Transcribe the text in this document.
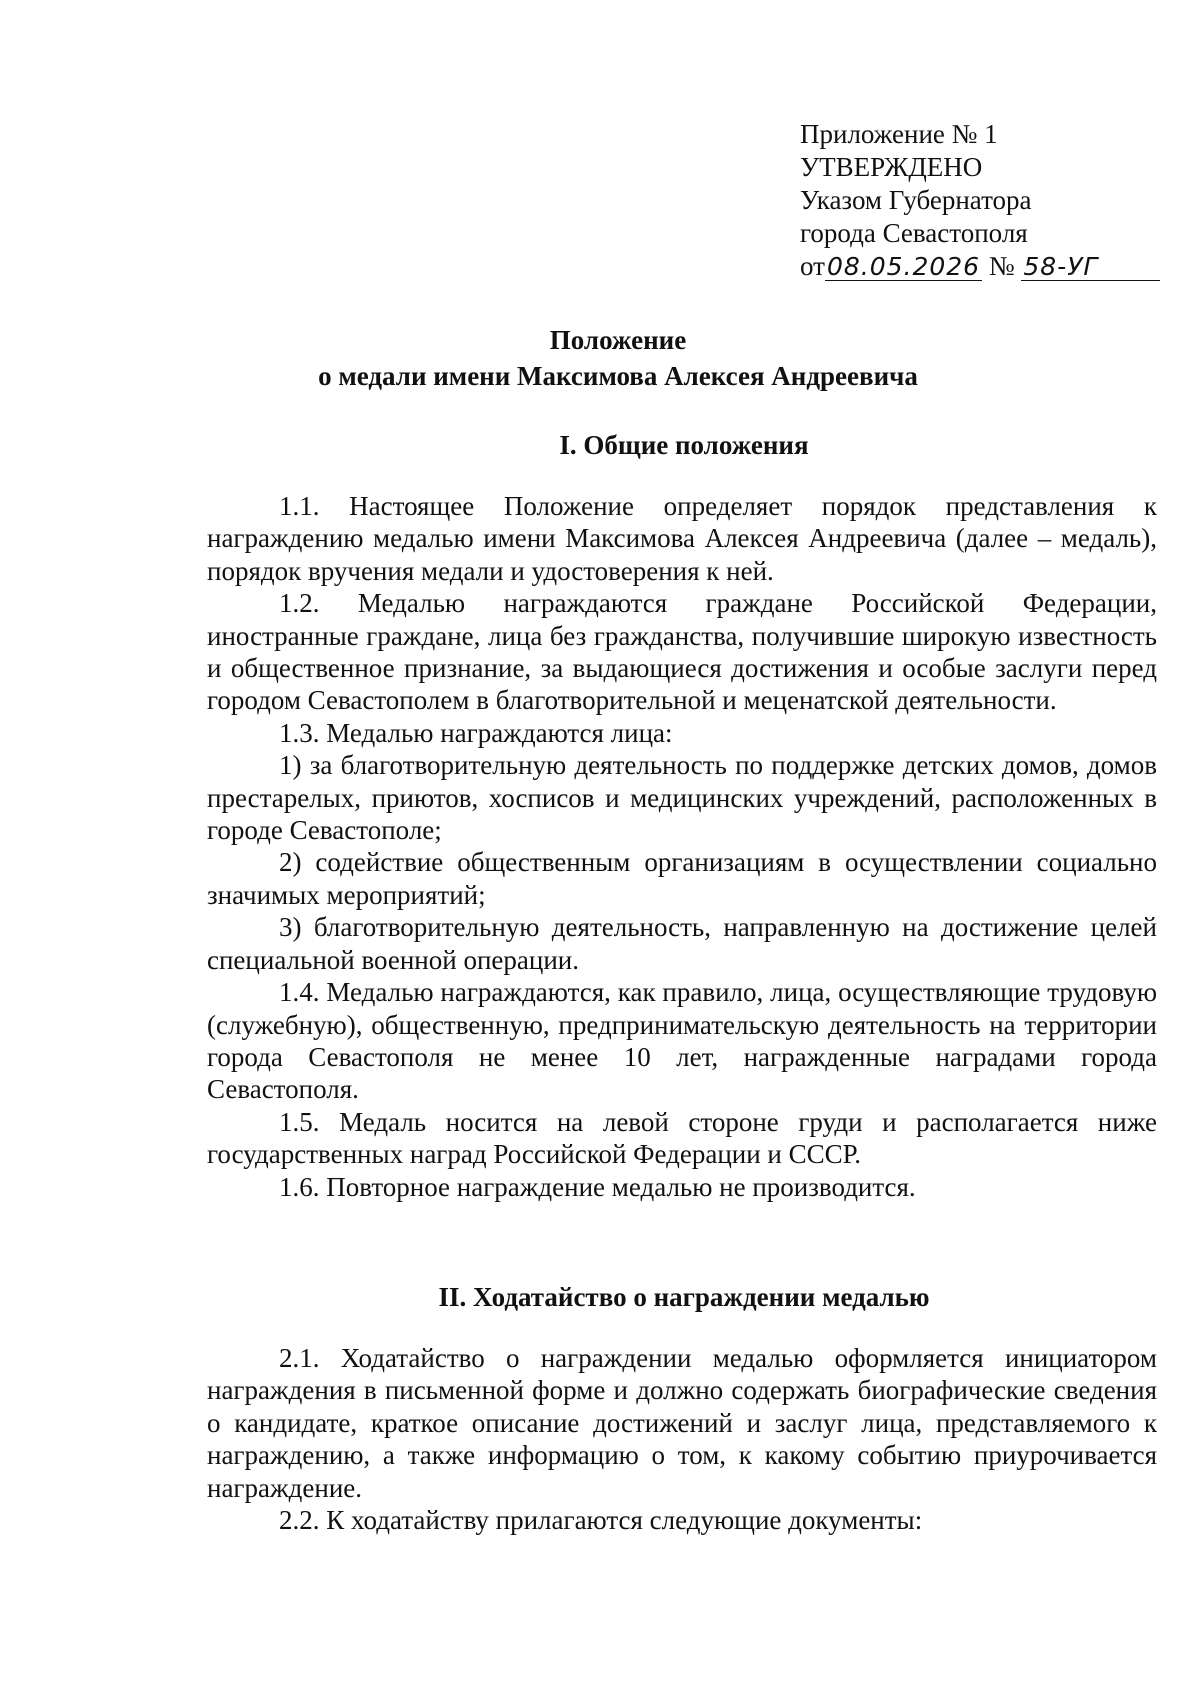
Приложение № 1
УТВЕРЖДЕНО
Указом Губернатора
города Севастополя
от08.05.2026 № 58-УГ
Положение
о медали имени Максимова Алексея Андреевича
I. Общие положения

1.1. Настоящее Положение определяет порядок представления к награждению медалью имени Максимова Алексея Андреевича (далее – медаль), порядок вручения медали и удостоверения к ней.

1.2. Медалью награждаются граждане Российской Федерации, иностранные граждане, лица без гражданства, получившие широкую известность и общественное признание, за выдающиеся достижения и особые заслуги перед городом Севастополем в благотворительной и меценатской деятельности.

1.3. Медалью награждаются лица:

1) за благотворительную деятельность по поддержке детских домов, домов престарелых, приютов, хосписов и медицинских учреждений, расположенных в городе Севастополе;

2) содействие общественным организациям в осуществлении социально значимых мероприятий;

3) благотворительную деятельность, направленную на достижение целей специальной военной операции.

1.4. Медалью награждаются, как правило, лица, осуществляющие трудовую (служебную), общественную, предпринимательскую деятельность на территории города Севастополя не менее 10 лет, награжденные наградами города Севастополя.

1.5. Медаль носится на левой стороне груди и располагается ниже государственных наград Российской Федерации и СССР.

1.6. Повторное награждение медалью не производится.

II. Ходатайство о награждении медалью

2.1. Ходатайство о награждении медалью оформляется инициатором награждения в письменной форме и должно содержать биографические сведения о кандидате, краткое описание достижений и заслуг лица, представляемого к награждению, а также информацию о том, к какому событию приурочивается награждение.

2.2. К ходатайству прилагаются следующие документы:
